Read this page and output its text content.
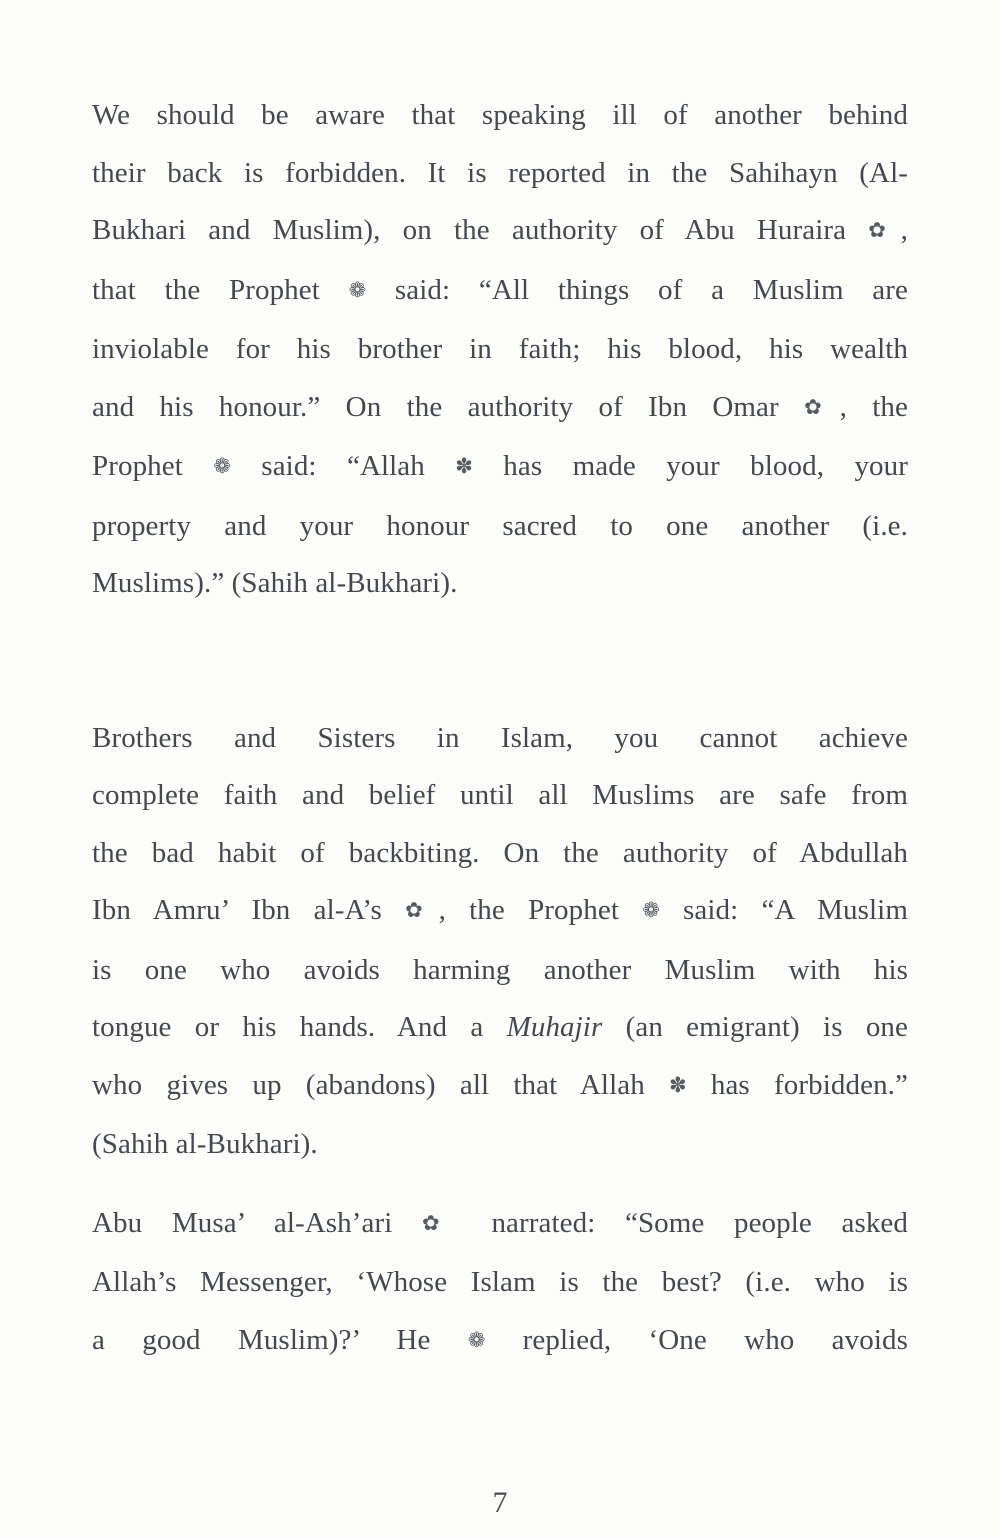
We should be aware that speaking ill of another behind
their back is forbidden. It is reported in the Sahihayn (Al-
Bukhari and Muslim), on the authority of Abu Huraira ✿,
that the Prophet ❁ said: “All things of a Muslim are
inviolable for his brother in faith; his blood, his wealth
and his honour.” On the authority of Ibn Omar ✿, the
Prophet ❁ said: “Allah ✽ has made your blood, your
property and your honour sacred to one another (i.e.
Muslims).” (Sahih al-Bukhari).
Brothers and Sisters in Islam, you cannot achieve
complete faith and belief until all Muslims are safe from
the bad habit of backbiting. On the authority of Abdullah
Ibn Amru’ Ibn al-A’s ✿, the Prophet ❁ said: “A Muslim
is one who avoids harming another Muslim with his
tongue or his hands. And a Muhajir (an emigrant) is one
who gives up (abandons) all that Allah ✽ has forbidden.”
(Sahih al-Bukhari).
Abu Musa’ al-Ash’ari ✿ narrated: “Some people asked
Allah’s Messenger, ‘Whose Islam is the best? (i.e. who is
a good Muslim)?’ He ❁ replied, ‘One who avoids
7
